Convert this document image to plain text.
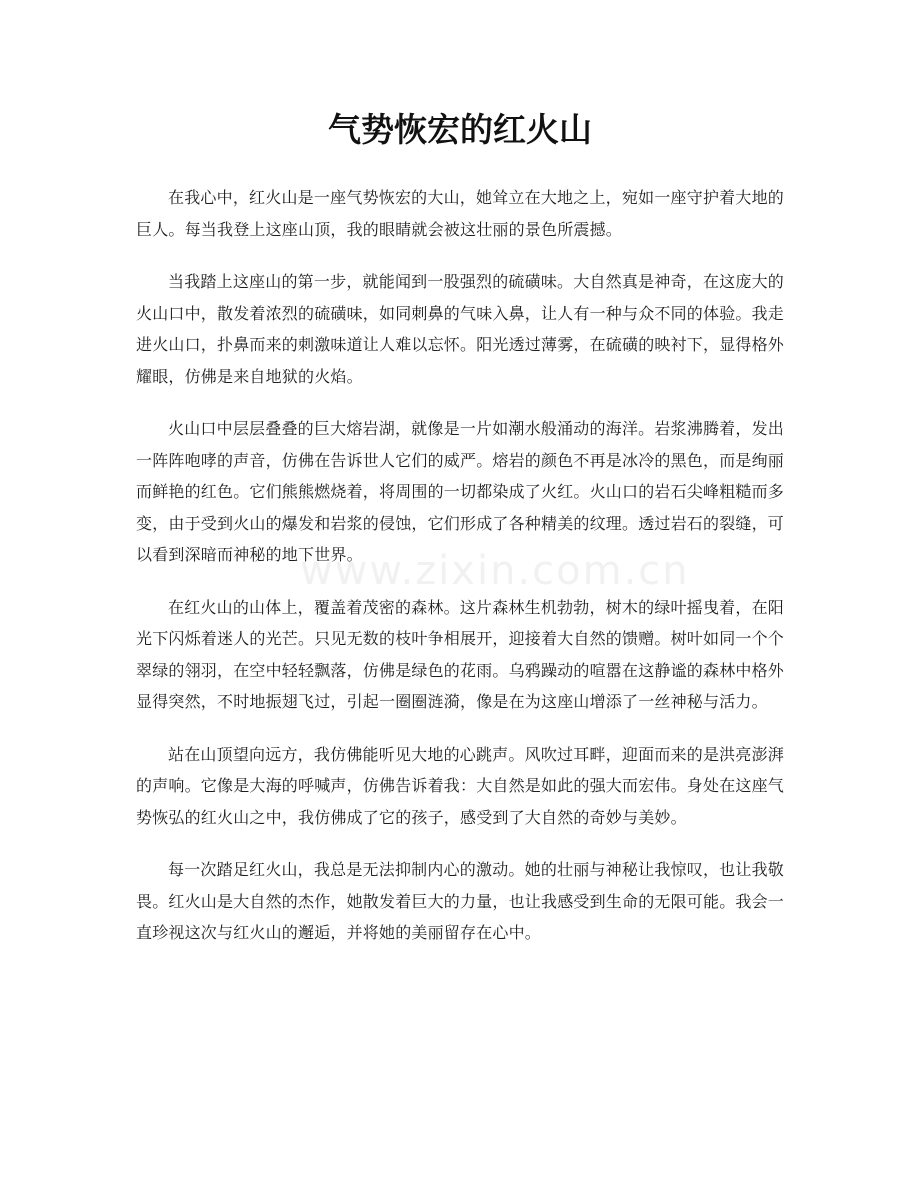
www.zixin.com.cn
气势恢宏的红火山

在我心中，红火山是一座气势恢宏的大山，她耸立在大地之上，宛如一座守护着大地的巨人。每当我登上这座山顶，我的眼睛就会被这壮丽的景色所震撼。

当我踏上这座山的第一步，就能闻到一股强烈的硫磺味。大自然真是神奇，在这庞大的火山口中，散发着浓烈的硫磺味，如同刺鼻的气味入鼻，让人有一种与众不同的体验。我走进火山口，扑鼻而来的刺激味道让人难以忘怀。阳光透过薄雾，在硫磺的映衬下，显得格外耀眼，仿佛是来自地狱的火焰。

火山口中层层叠叠的巨大熔岩湖，就像是一片如潮水般涌动的海洋。岩浆沸腾着，发出一阵阵咆哮的声音，仿佛在告诉世人它们的威严。熔岩的颜色不再是冰冷的黑色，而是绚丽而鲜艳的红色。它们熊熊燃烧着，将周围的一切都染成了火红。火山口的岩石尖峰粗糙而多变，由于受到火山的爆发和岩浆的侵蚀，它们形成了各种精美的纹理。透过岩石的裂缝，可以看到深暗而神秘的地下世界。

在红火山的山体上，覆盖着茂密的森林。这片森林生机勃勃，树木的绿叶摇曳着，在阳光下闪烁着迷人的光芒。只见无数的枝叶争相展开，迎接着大自然的馈赠。树叶如同一个个翠绿的翎羽，在空中轻轻飘落，仿佛是绿色的花雨。乌鸦躁动的喧嚣在这静谧的森林中格外显得突然，不时地振翅飞过，引起一圈圈涟漪，像是在为这座山增添了一丝神秘与活力。

站在山顶望向远方，我仿佛能听见大地的心跳声。风吹过耳畔，迎面而来的是洪亮澎湃的声响。它像是大海的呼喊声，仿佛告诉着我：大自然是如此的强大而宏伟。身处在这座气势恢弘的红火山之中，我仿佛成了它的孩子，感受到了大自然的奇妙与美妙。

每一次踏足红火山，我总是无法抑制内心的激动。她的壮丽与神秘让我惊叹，也让我敬畏。红火山是大自然的杰作，她散发着巨大的力量，也让我感受到生命的无限可能。我会一直珍视这次与红火山的邂逅，并将她的美丽留存在心中。
